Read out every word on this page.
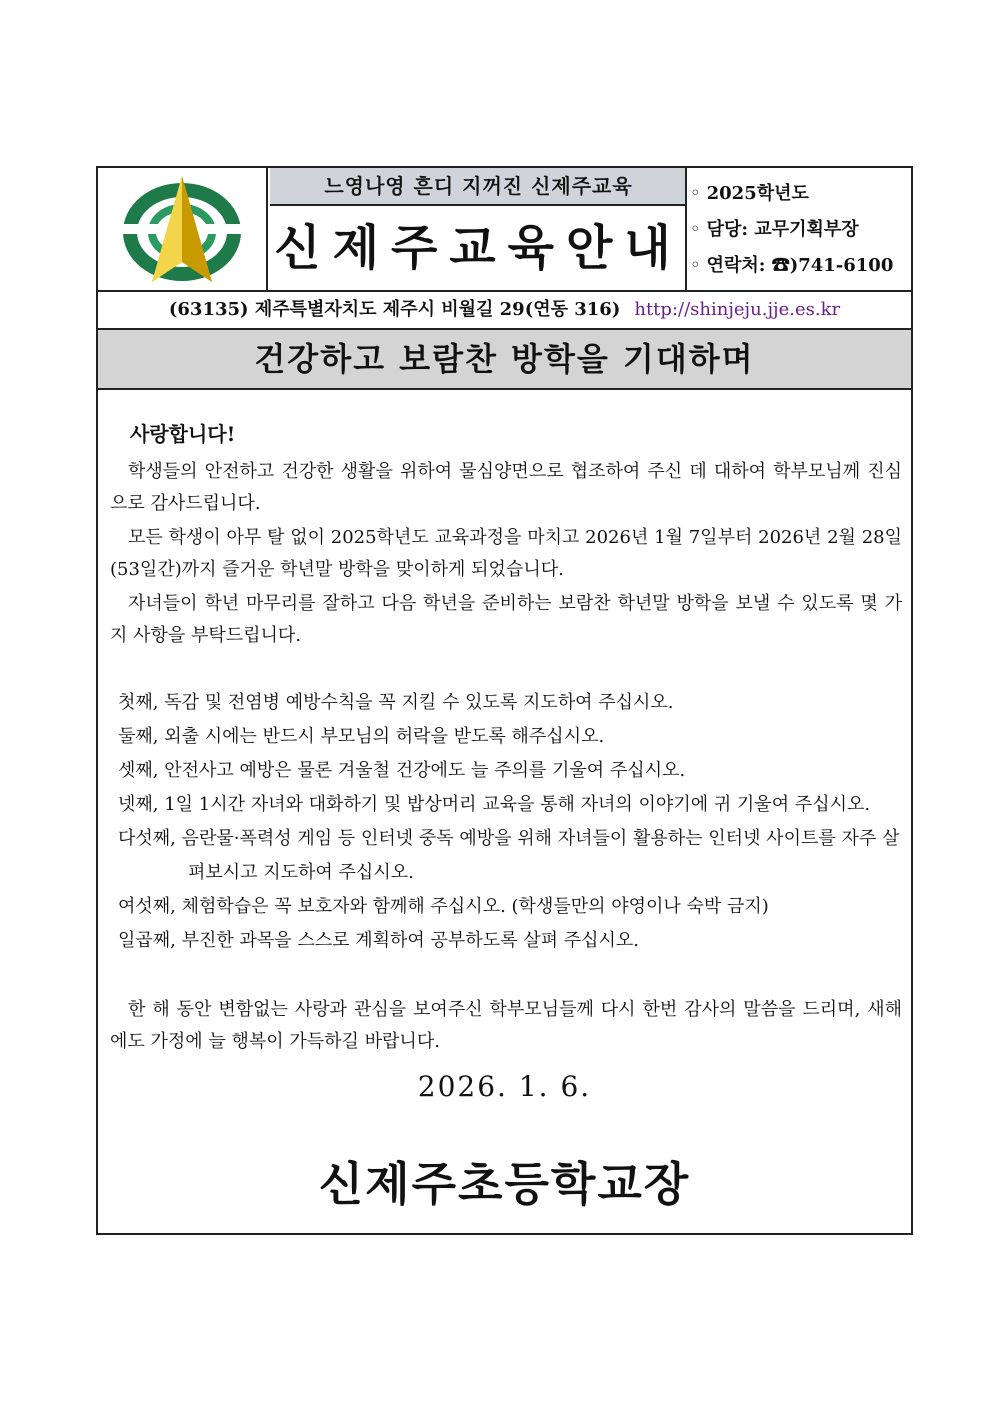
느영나영 흔디 지꺼진 신제주교육
신제주교육안내
◦ 2025학년도
◦ 담당: 교무기획부장
◦ 연락처: ☎)741-6100
(63135) 제주특별자치도 제주시 비월길 29(연동 316) http://shinjeju.jje.es.kr
건강하고 보람찬 방학을 기대하며
사랑합니다!

학생들의 안전하고 건강한 생활을 위하여 물심양면으로 협조하여 주신 데 대하여 학부모님께 진심으로 감사드립니다.

모든 학생이 아무 탈 없이 2025학년도 교육과정을 마치고 2026년 1월 7일부터 2026년 2월 28일(53일간)까지 즐거운 학년말 방학을 맞이하게 되었습니다.

자녀들이 학년 마무리를 잘하고 다음 학년을 준비하는 보람찬 학년말 방학을 보낼 수 있도록 몇 가지 사항을 부탁드립니다.

첫째, 독감 및 전염병 예방수칙을 꼭 지킬 수 있도록 지도하여 주십시오.
둘째, 외출 시에는 반드시 부모님의 허락을 받도록 해주십시오.
셋째, 안전사고 예방은 물론 겨울철 건강에도 늘 주의를 기울여 주십시오.
넷째, 1일 1시간 자녀와 대화하기 및 밥상머리 교육을 통해 자녀의 이야기에 귀 기울여 주십시오.
다섯째, 음란물·폭력성 게임 등 인터넷 중독 예방을 위해 자녀들이 활용하는 인터넷 사이트를 자주 살펴보시고 지도하여 주십시오.
여섯째, 체험학습은 꼭 보호자와 함께해 주십시오. (학생들만의 야영이나 숙박 금지)
일곱째, 부진한 과목을 스스로 계획하여 공부하도록 살펴 주십시오.

한 해 동안 변함없는 사랑과 관심을 보여주신 학부모님들께 다시 한번 감사의 말씀을 드리며, 새해에도 가정에 늘 행복이 가득하길 바랍니다.

2026. 1. 6.
신제주초등학교장
